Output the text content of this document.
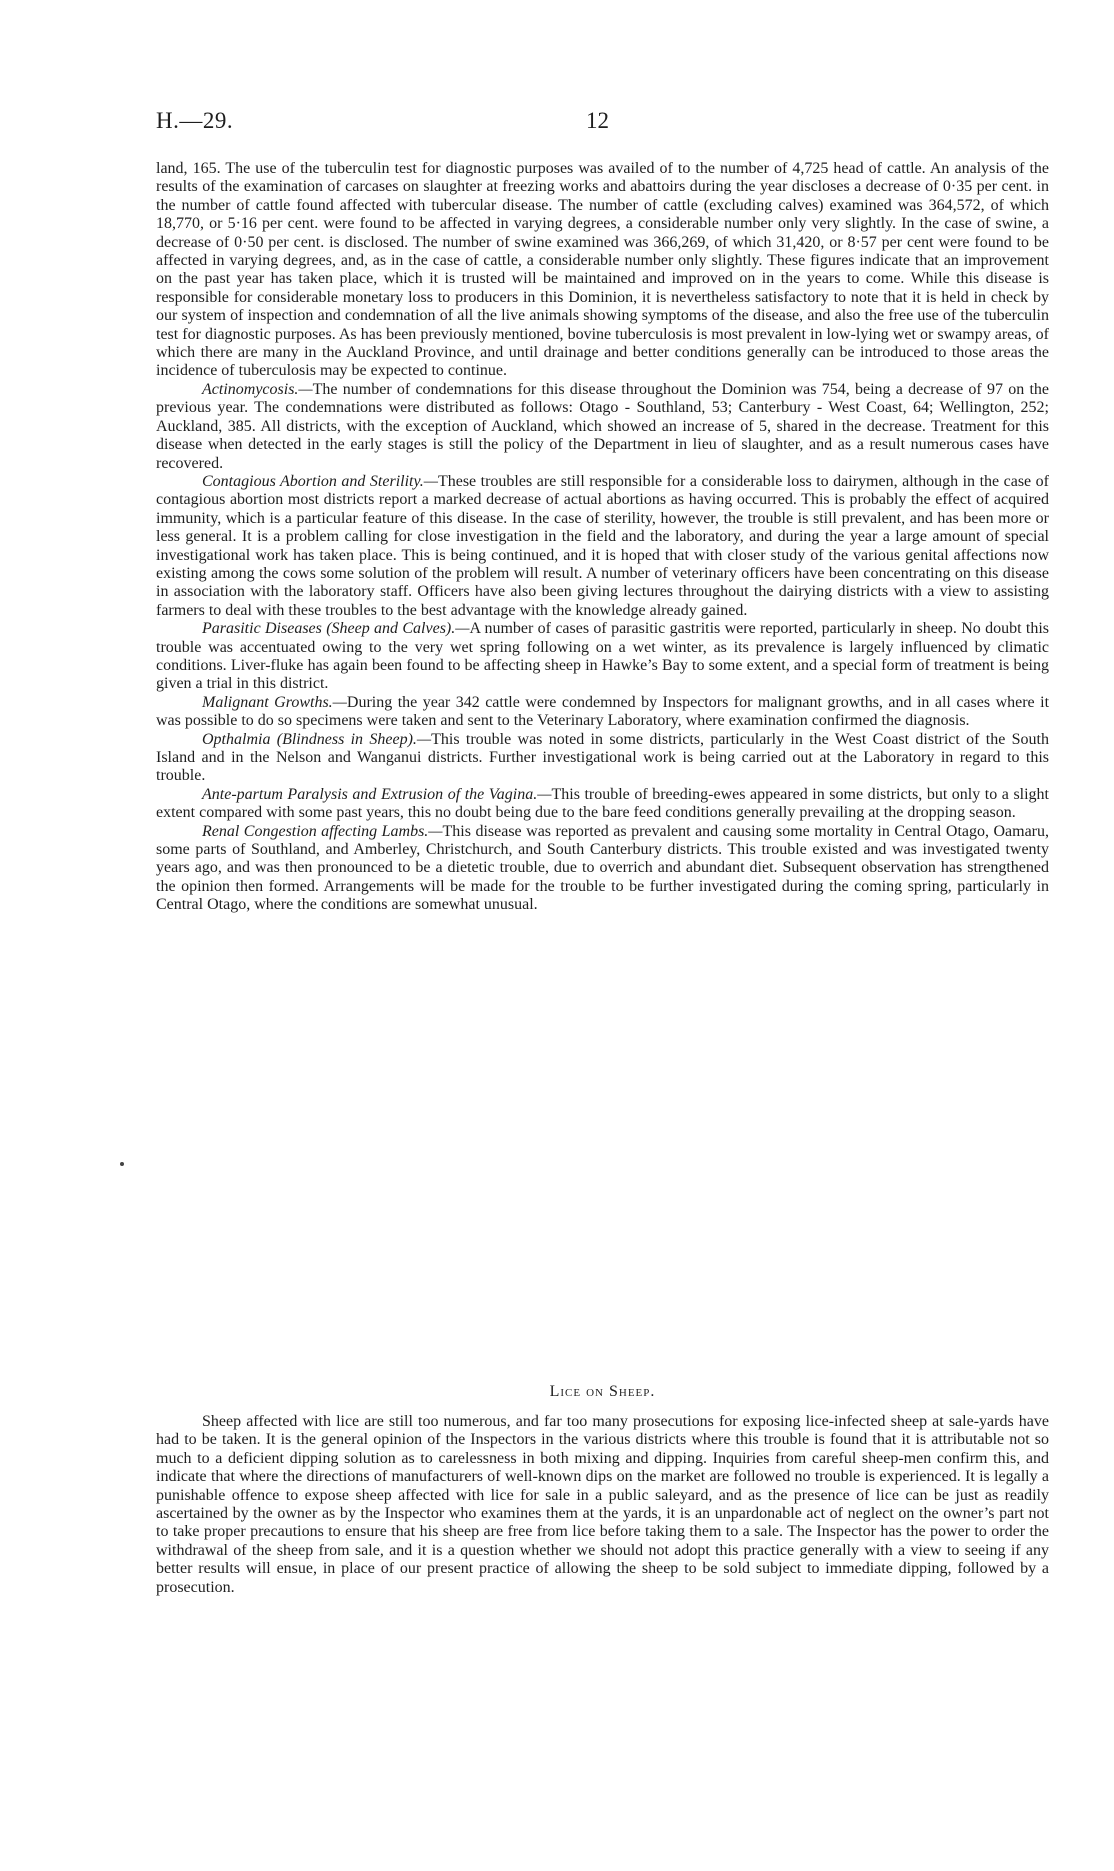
H.—29.	12

land, 165. The use of the tuberculin test for diagnostic purposes was availed of to the number of 4,725 head of cattle. An analysis of the results of the examination of carcases on slaughter at freezing works and abattoirs during the year discloses a decrease of 0·35 per cent. in the number of cattle found affected with tubercular disease. The number of cattle (excluding calves) examined was 364,572, of which 18,770, or 5·16 per cent. were found to be affected in varying degrees, a considerable number only very slightly. In the case of swine, a decrease of 0·50 per cent. is disclosed. The number of swine examined was 366,269, of which 31,420, or 8·57 per cent were found to be affected in varying degrees, and, as in the case of cattle, a considerable number only slightly. These figures indicate that an improvement on the past year has taken place, which it is trusted will be maintained and improved on in the years to come. While this disease is responsible for considerable monetary loss to producers in this Dominion, it is nevertheless satisfactory to note that it is held in check by our system of inspection and condemnation of all the live animals showing symptoms of the disease, and also the free use of the tuberculin test for diagnostic purposes. As has been previously mentioned, bovine tuberculosis is most prevalent in low-lying wet or swampy areas, of which there are many in the Auckland Province, and until drainage and better conditions generally can be introduced to those areas the incidence of tuberculosis may be expected to continue.

Actinomycosis.—The number of condemnations for this disease throughout the Dominion was 754, being a decrease of 97 on the previous year. The condemnations were distributed as follows: Otago - Southland, 53; Canterbury - West Coast, 64; Wellington, 252; Auckland, 385. All districts, with the exception of Auckland, which showed an increase of 5, shared in the decrease. Treatment for this disease when detected in the early stages is still the policy of the Department in lieu of slaughter, and as a result numerous cases have recovered.

Contagious Abortion and Sterility.—These troubles are still responsible for a considerable loss to dairymen, although in the case of contagious abortion most districts report a marked decrease of actual abortions as having occurred. This is probably the effect of acquired immunity, which is a particular feature of this disease. In the case of sterility, however, the trouble is still prevalent, and has been more or less general. It is a problem calling for close investigation in the field and the laboratory, and during the year a large amount of special investigational work has taken place. This is being continued, and it is hoped that with closer study of the various genital affections now existing among the cows some solution of the problem will result. A number of veterinary officers have been concentrating on this disease in association with the laboratory staff. Officers have also been giving lectures throughout the dairying districts with a view to assisting farmers to deal with these troubles to the best advantage with the knowledge already gained.

Parasitic Diseases (Sheep and Calves).—A number of cases of parasitic gastritis were reported, particularly in sheep. No doubt this trouble was accentuated owing to the very wet spring following on a wet winter, as its prevalence is largely influenced by climatic conditions. Liver-fluke has again been found to be affecting sheep in Hawke’s Bay to some extent, and a special form of treatment is being given a trial in this district.

Malignant Growths.—During the year 342 cattle were condemned by Inspectors for malignant growths, and in all cases where it was possible to do so specimens were taken and sent to the Veterinary Laboratory, where examination confirmed the diagnosis.

Opthalmia (Blindness in Sheep).—This trouble was noted in some districts, particularly in the West Coast district of the South Island and in the Nelson and Wanganui districts. Further investigational work is being carried out at the Laboratory in regard to this trouble.

Ante-partum Paralysis and Extrusion of the Vagina.—This trouble of breeding-ewes appeared in some districts, but only to a slight extent compared with some past years, this no doubt being due to the bare feed conditions generally prevailing at the dropping season.

Renal Congestion affecting Lambs.—This disease was reported as prevalent and causing some mortality in Central Otago, Oamaru, some parts of Southland, and Amberley, Christchurch, and South Canterbury districts. This trouble existed and was investigated twenty years ago, and was then pronounced to be a dietetic trouble, due to overrich and abundant diet. Subsequent observation has strengthened the opinion then formed. Arrangements will be made for the trouble to be further investigated during the coming spring, particularly in Central Otago, where the conditions are somewhat unusual.

Lice on Sheep.

Sheep affected with lice are still too numerous, and far too many prosecutions for exposing lice-infected sheep at sale-yards have had to be taken. It is the general opinion of the Inspectors in the various districts where this trouble is found that it is attributable not so much to a deficient dipping solution as to carelessness in both mixing and dipping. Inquiries from careful sheep-men confirm this, and indicate that where the directions of manufacturers of well-known dips on the market are followed no trouble is experienced. It is legally a punishable offence to expose sheep affected with lice for sale in a public saleyard, and as the presence of lice can be just as readily ascertained by the owner as by the Inspector who examines them at the yards, it is an unpardonable act of neglect on the owner’s part not to take proper precautions to ensure that his sheep are free from lice before taking them to a sale. The Inspector has the power to order the withdrawal of the sheep from sale, and it is a question whether we should not adopt this practice generally with a view to seeing if any better results will ensue, in place of our present practice of allowing the sheep to be sold subject to immediate dipping, followed by a prosecution.
